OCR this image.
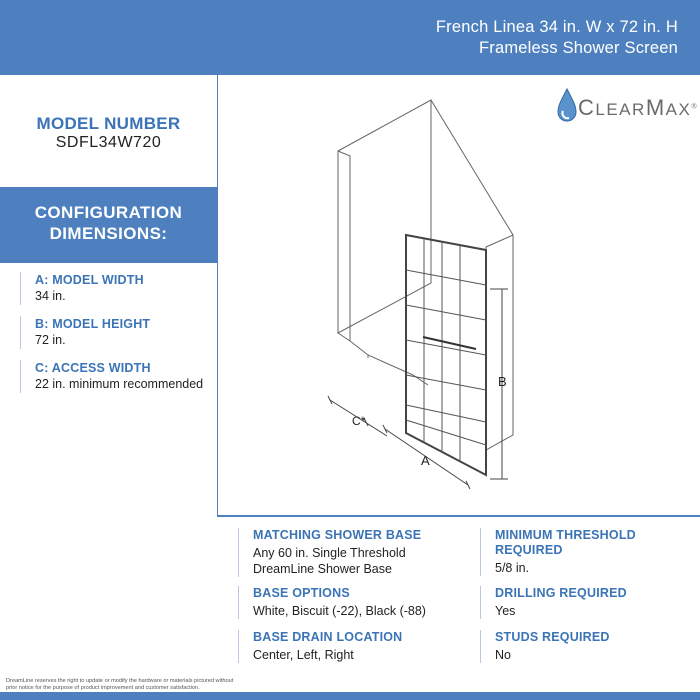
French Linea 34 in. W x 72 in. H
Frameless Shower Screen
MODEL NUMBER
SDFL34W720
CONFIGURATION
DIMENSIONS:
A: MODEL WIDTH
34 in.
B: MODEL HEIGHT
72 in.
C: ACCESS WIDTH
22 in. minimum recommended
CLEARMAX®
B
A
C*
MATCHING SHOWER BASE
Any 60 in. Single Threshold
DreamLine Shower Base
BASE OPTIONS
White, Biscuit (-22), Black (-88)
BASE DRAIN LOCATION
Center, Left, Right
MINIMUM THRESHOLD
REQUIRED
5/8 in.
DRILLING REQUIRED
Yes
STUDS REQUIRED
No
DreamLine reserves the right to update or modify the hardware or materials pictured without
prior notice for the purpose of product improvement and customer satisfaction.
